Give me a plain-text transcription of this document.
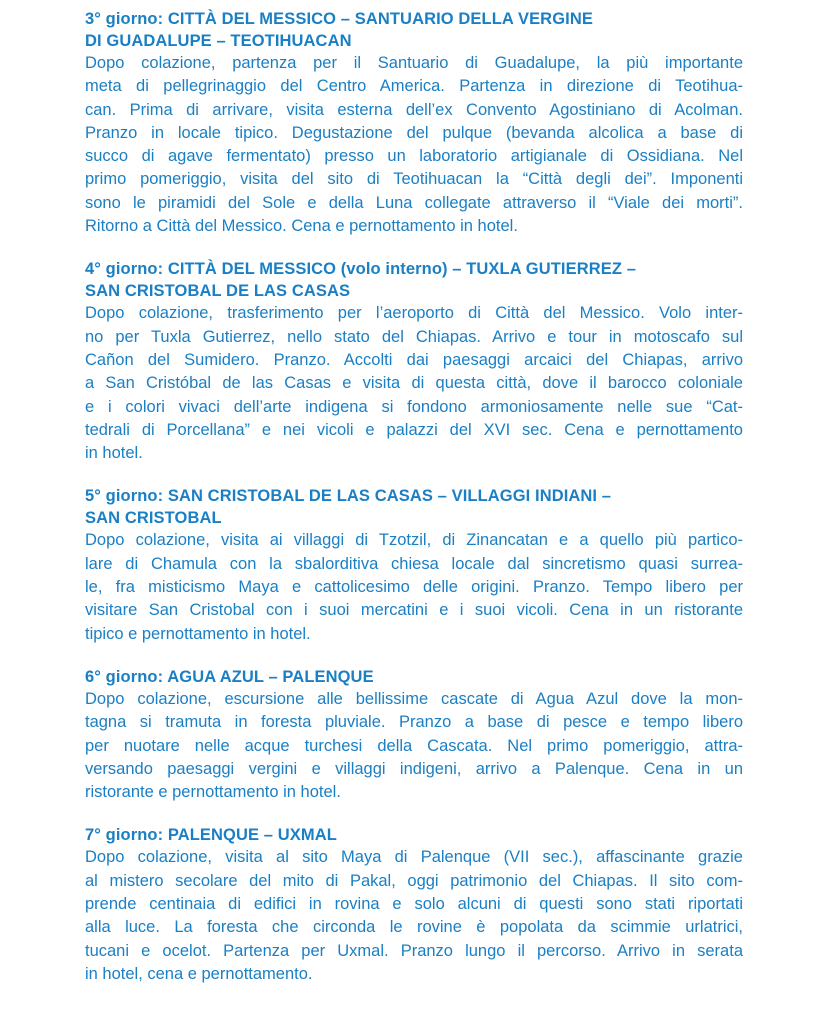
3° giorno: CITTÀ DEL MESSICO – SANTUARIO DELLA VERGINE
DI GUADALUPE – TEOTIHUACAN
Dopo colazione, partenza per il Santuario di Guadalupe, la più importante
meta di pellegrinaggio del Centro America. Partenza in direzione di Teotihua-
can. Prima di arrivare, visita esterna dell’ex Convento Agostiniano di Acolman.
Pranzo in locale tipico. Degustazione del pulque (bevanda alcolica a base di
succo di agave fermentato) presso un laboratorio artigianale di Ossidiana. Nel
primo pomeriggio, visita del sito di Teotihuacan la “Città degli dei”. Imponenti
sono le piramidi del Sole e della Luna collegate attraverso il “Viale dei morti”.
Ritorno a Città del Messico. Cena e pernottamento in hotel.
4° giorno: CITTÀ DEL MESSICO (volo interno) – TUXLA GUTIERREZ –
SAN CRISTOBAL DE LAS CASAS
Dopo colazione, trasferimento per l’aeroporto di Città del Messico. Volo inter-
no per Tuxla Gutierrez, nello stato del Chiapas. Arrivo e tour in motoscafo sul
Cañon del Sumidero. Pranzo. Accolti dai paesaggi arcaici del Chiapas, arrivo
a San Cristóbal de las Casas e visita di questa città, dove il barocco coloniale
e i colori vivaci dell’arte indigena si fondono armoniosamente nelle sue “Cat-
tedrali di Porcellana” e nei vicoli e palazzi del XVI sec. Cena e pernottamento
in hotel.
5° giorno: SAN CRISTOBAL DE LAS CASAS – VILLAGGI INDIANI –
SAN CRISTOBAL
Dopo colazione, visita ai villaggi di Tzotzil, di Zinancatan e a quello più partico-
lare di Chamula con la sbalorditiva chiesa locale dal sincretismo quasi surrea-
le, fra misticismo Maya e cattolicesimo delle origini. Pranzo. Tempo libero per
visitare San Cristobal con i suoi mercatini e i suoi vicoli. Cena in un ristorante
tipico e pernottamento in hotel.
6° giorno: AGUA AZUL – PALENQUE
Dopo colazione, escursione alle bellissime cascate di Agua Azul dove la mon-
tagna si tramuta in foresta pluviale. Pranzo a base di pesce e tempo libero
per nuotare nelle acque turchesi della Cascata. Nel primo pomeriggio, attra-
versando paesaggi vergini e villaggi indigeni, arrivo a Palenque. Cena in un
ristorante e pernottamento in hotel.
7° giorno: PALENQUE – UXMAL
Dopo colazione, visita al sito Maya di Palenque (VII sec.), affascinante grazie
al mistero secolare del mito di Pakal, oggi patrimonio del Chiapas. Il sito com-
prende centinaia di edifici in rovina e solo alcuni di questi sono stati riportati
alla luce. La foresta che circonda le rovine è popolata da scimmie urlatrici,
tucani e ocelot. Partenza per Uxmal. Pranzo lungo il percorso. Arrivo in serata
in hotel, cena e pernottamento.
